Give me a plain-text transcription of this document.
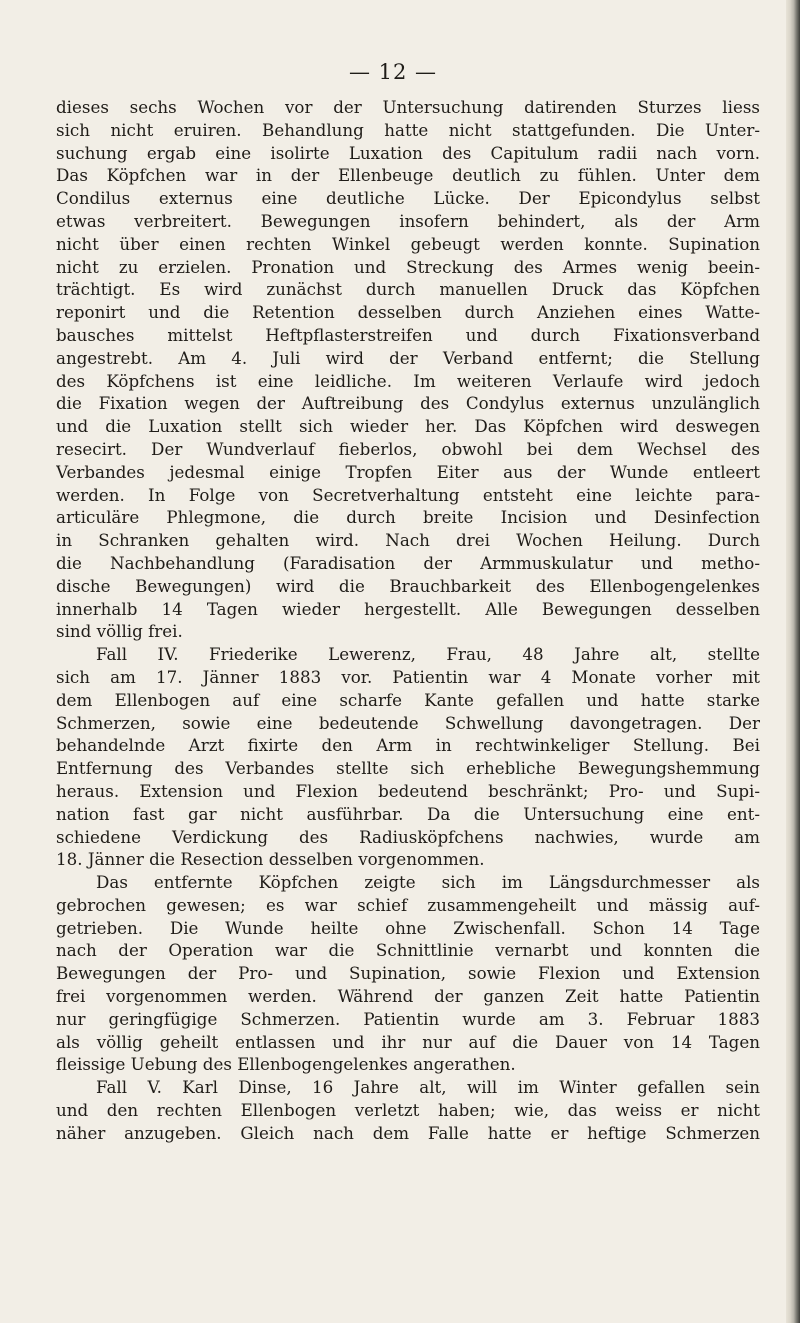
— 12 —
dieses sechs Wochen vor der Untersuchung datirenden Sturzes liess
sich nicht eruiren. Behandlung hatte nicht stattgefunden. Die Unter-
suchung ergab eine isolirte Luxation des Capitulum radii nach vorn.
Das Köpfchen war in der Ellenbeuge deutlich zu fühlen. Unter dem
Condilus externus eine deutliche Lücke. Der Epicondylus selbst
etwas verbreitert. Bewegungen insofern behindert, als der Arm
nicht über einen rechten Winkel gebeugt werden konnte. Supination
nicht zu erzielen. Pronation und Streckung des Armes wenig beein-
trächtigt. Es wird zunächst durch manuellen Druck das Köpfchen
reponirt und die Retention desselben durch Anziehen eines Watte-
bausches mittelst Heftpflasterstreifen und durch Fixationsverband
angestrebt. Am 4. Juli wird der Verband entfernt; die Stellung
des Köpfchens ist eine leidliche. Im weiteren Verlaufe wird jedoch
die Fixation wegen der Auftreibung des Condylus externus unzulänglich
und die Luxation stellt sich wieder her. Das Köpfchen wird deswegen
resecirt. Der Wundverlauf fieberlos, obwohl bei dem Wechsel des
Verbandes jedesmal einige Tropfen Eiter aus der Wunde entleert
werden. In Folge von Secretverhaltung entsteht eine leichte para-
articuläre Phlegmone, die durch breite Incision und Desinfection
in Schranken gehalten wird. Nach drei Wochen Heilung. Durch
die Nachbehandlung (Faradisation der Armmuskulatur und metho-
dische Bewegungen) wird die Brauchbarkeit des Ellenbogengelenkes
innerhalb 14 Tagen wieder hergestellt. Alle Bewegungen desselben
sind völlig frei.
Fall IV. Friederike Lewerenz, Frau, 48 Jahre alt, stellte
sich am 17. Jänner 1883 vor. Patientin war 4 Monate vorher mit
dem Ellenbogen auf eine scharfe Kante gefallen und hatte starke
Schmerzen, sowie eine bedeutende Schwellung davongetragen. Der
behandelnde Arzt fixirte den Arm in rechtwinkeliger Stellung. Bei
Entfernung des Verbandes stellte sich erhebliche Bewegungshemmung
heraus. Extension und Flexion bedeutend beschränkt; Pro- und Supi-
nation fast gar nicht ausführbar. Da die Untersuchung eine ent-
schiedene Verdickung des Radiusköpfchens nachwies, wurde am
18. Jänner die Resection desselben vorgenommen.
Das entfernte Köpfchen zeigte sich im Längsdurchmesser als
gebrochen gewesen; es war schief zusammengeheilt und mässig auf-
getrieben. Die Wunde heilte ohne Zwischenfall. Schon 14 Tage
nach der Operation war die Schnittlinie vernarbt und konnten die
Bewegungen der Pro- und Supination, sowie Flexion und Extension
frei vorgenommen werden. Während der ganzen Zeit hatte Patientin
nur geringfügige Schmerzen. Patientin wurde am 3. Februar 1883
als völlig geheilt entlassen und ihr nur auf die Dauer von 14 Tagen
fleissige Uebung des Ellenbogengelenkes angerathen.
Fall V. Karl Dinse, 16 Jahre alt, will im Winter gefallen sein
und den rechten Ellenbogen verletzt haben; wie, das weiss er nicht
näher anzugeben. Gleich nach dem Falle hatte er heftige Schmerzen
